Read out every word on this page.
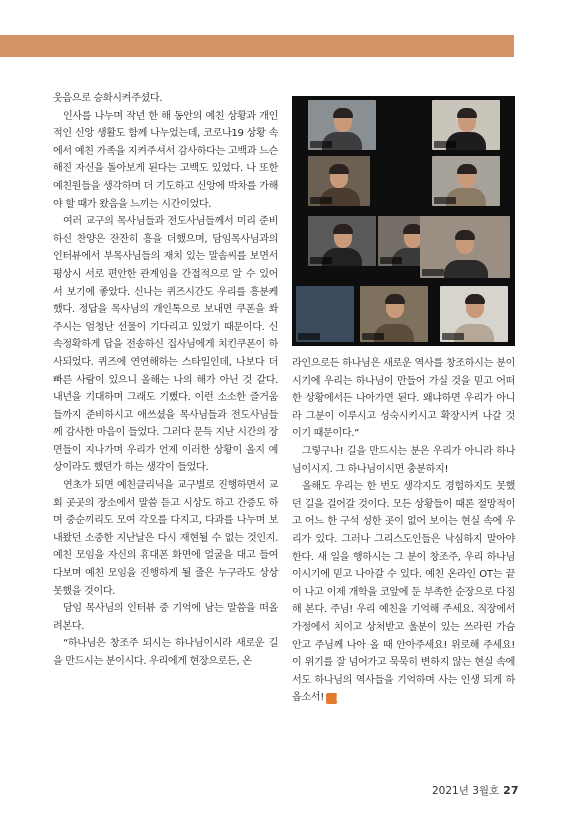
웃음으로 승화시켜주셨다.

인사를 나누며 작년 한 해 동안의 예친 상황과 개인적인 신앙 생활도 함께 나누었는데, 코로나19 상황 속에서 예친 가족을 지켜주셔서 감사하다는 고백과 느슨해진 자신을 돌아보게 된다는 고백도 있었다. 나 또한 예친원들을 생각하며 더 기도하고 신앙에 박차를 가해야 할 때가 왔음을 느끼는 시간이었다.

여러 교구의 목사님들과 전도사님들께서 미리 준비하신 찬양은 잔잔히 흥을 더했으며, 담임목사님과의 인터뷰에서 부목사님들의 재치 있는 말솜씨를 보면서 평상시 서로 편안한 관계임을 간접적으로 알 수 있어서 보기에 좋았다. 신나는 퀴즈시간도 우리를 흥분케 했다. 정답을 목사님의 개인톡으로 보내면 쿠폰을 쏴주시는 엄청난 선물이 기다리고 있었기 때문이다. 신속정확하게 답을 전송하신 집사님에게 치킨쿠폰이 하사되었다. 퀴즈에 연연해하는 스타일인데, 나보다 더 빠른 사람이 있으니 올해는 나의 해가 아닌 것 같다. 내년을 기대하며 그래도 기뻤다. 이런 소소한 즐거움들까지 준비하시고 애쓰셨을 목사님들과 전도사님들께 감사한 마음이 들었다. 그러다 문득 지난 시간의 장면들이 지나가며 우리가 언제 이러한 상황이 올지 예상이라도 했던가 하는 생각이 들었다.

연초가 되면 예친클리닉을 교구별로 진행하면서 교회 곳곳의 장소에서 말씀 듣고 시상도 하고 간증도 하며 중순끼리도 모여 각오를 다지고, 다과를 나누며 보내왔던 소중한 지난날은 다시 재현될 수 없는 것인지. 예친 모임을 자신의 휴대폰 화면에 얼굴을 대고 들여다보며 예친 모임을 진행하게 될 줄은 누구라도 상상 못했을 것이다.

담임 목사님의 인터뷰 중 기억에 남는 말씀을 떠올려본다.

“하나님은 창조주 되시는 하나님이시라 새로운 길을 만드시는 분이시다. 우리에게 현장으로든, 온

라인으로든 하나님은 새로운 역사를 창조하시는 분이시기에 우리는 하나님이 만들어 가실 것을 믿고 어떠한 상황에서든 나아가면 된다. 왜냐하면 우리가 아니라 그분이 이루시고 성숙시키시고 확장시켜 나갈 것이기 때문이다.”

그렇구나! 길을 만드시는 분은 우리가 아니라 하나님이시지. 그 하나님이시면 충분하지!

올해도 우리는 한 번도 생각지도 경험하지도 못했던 길을 걸어갈 것이다. 모든 상황들이 때론 절망적이고 어느 한 구석 성한 곳이 없어 보이는 현실 속에 우리가 있다. 그러나 그리스도인들은 낙심하지 말아야 한다. 새 일을 행하시는 그 분이 창조주, 우리 하나님이시기에 믿고 나아갈 수 있다. 예친 온라인 OT는 끝이 나고 이제 개학을 코앞에 둔 부족한 순장으로 다짐해 본다. 주님! 우리 예친을 기억해 주세요. 직장에서 가정에서 치이고 상처받고 울분이 있는 쓰라린 가슴 안고 주님께 나아 올 때 안아주세요! 위로해 주세요! 이 위기를 잘 넘어가고 묵묵히 변하지 않는 현실 속에서도 하나님의 역사들을 기억하며 사는 인생 되게 하옵소서! N

2021년 3월호 27
